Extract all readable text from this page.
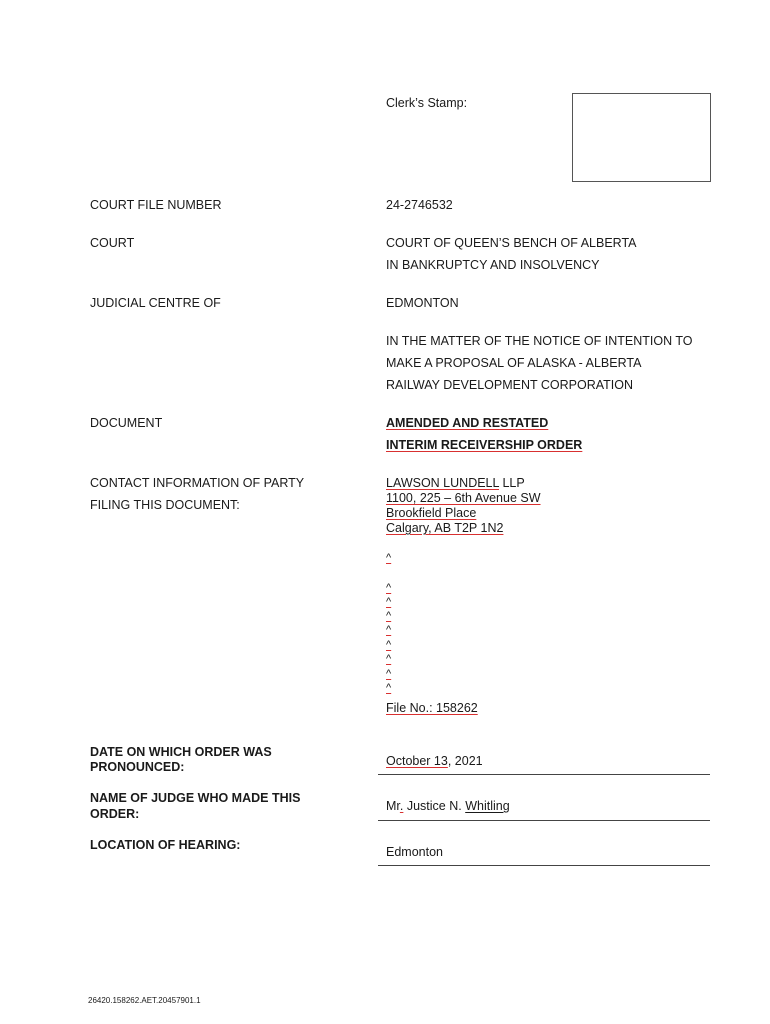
Clerk’s Stamp:
COURT FILE NUMBER	24-2746532
COURT	COURT OF QUEEN’S BENCH OF ALBERTA
IN BANKRUPTCY AND INSOLVENCY
JUDICIAL CENTRE OF	EDMONTON
IN THE MATTER OF THE NOTICE OF INTENTION TO
MAKE A PROPOSAL OF ALASKA - ALBERTA
RAILWAY DEVELOPMENT CORPORATION
DOCUMENT	AMENDED AND RESTATED
INTERIM RECEIVERSHIP ORDER
CONTACT INFORMATION OF PARTY
FILING THIS DOCUMENT:
LAWSON LUNDELL LLP
1100, 225 – 6th Avenue SW
Brookfield Place
Calgary, AB T2P 1N2
^
^
^
^
^
^
^
^
^
File No.: 158262
DATE ON WHICH ORDER WAS
PRONOUNCED:	October 13, 2021
NAME OF JUDGE WHO MADE THIS
ORDER:
Mr. Justice N. Whitling
LOCATION OF HEARING:	Edmonton
26420.158262.AET.20457901.1
